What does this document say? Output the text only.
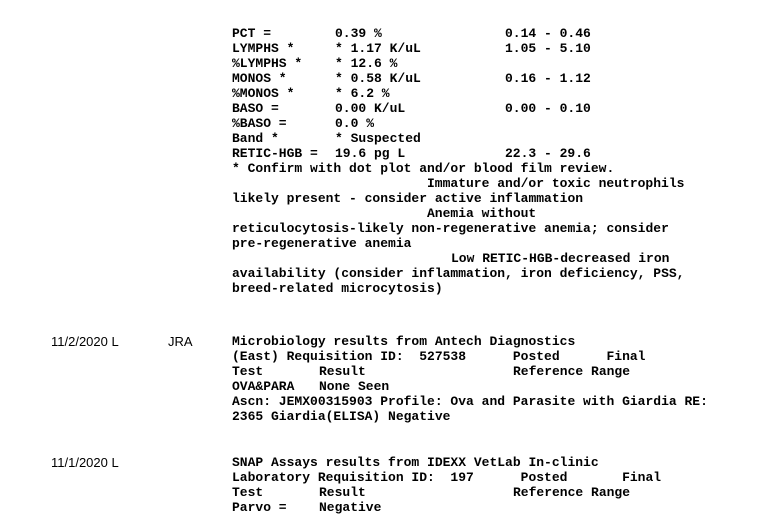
PCT =	0.39 %	0.14 - 0.46
LYMPHS *	* 1.17 K/uL	1.05 - 5.10
%LYMPHS *	* 12.6 %
MONOS *	* 0.58 K/uL	0.16 - 1.12
%MONOS *	* 6.2 %
BASO =	0.00 K/uL	0.00 - 0.10
%BASO =	0.0 %
Band *	* Suspected
RETIC-HGB = 19.6 pg L	22.3 - 29.6
* Confirm with dot plot and/or blood film review.
Immature and/or toxic neutrophils
likely present - consider active inflammation
Anemia without
reticulocytosis-likely non-regenerative anemia; consider
pre-regenerative anemia
Low RETIC-HGB-decreased iron
availability (consider inflammation, iron deficiency, PSS,
breed-related microcytosis)
11/2/2020 L	JRA	Microbiology results from Antech Diagnostics
(East) Requisition ID:  527538      Posted      Final
Test	Result	Reference Range
OVA&PARA None Seen
Ascn: JEMX00315903 Profile: Ova and Parasite with Giardia RE:
2365 Giardia(ELISA) Negative
11/1/2020 L	SNAP Assays results from IDEXX VetLab In-clinic
Laboratory Requisition ID:  197      Posted       Final
Test	Result	Reference Range
Parvo = Negative
